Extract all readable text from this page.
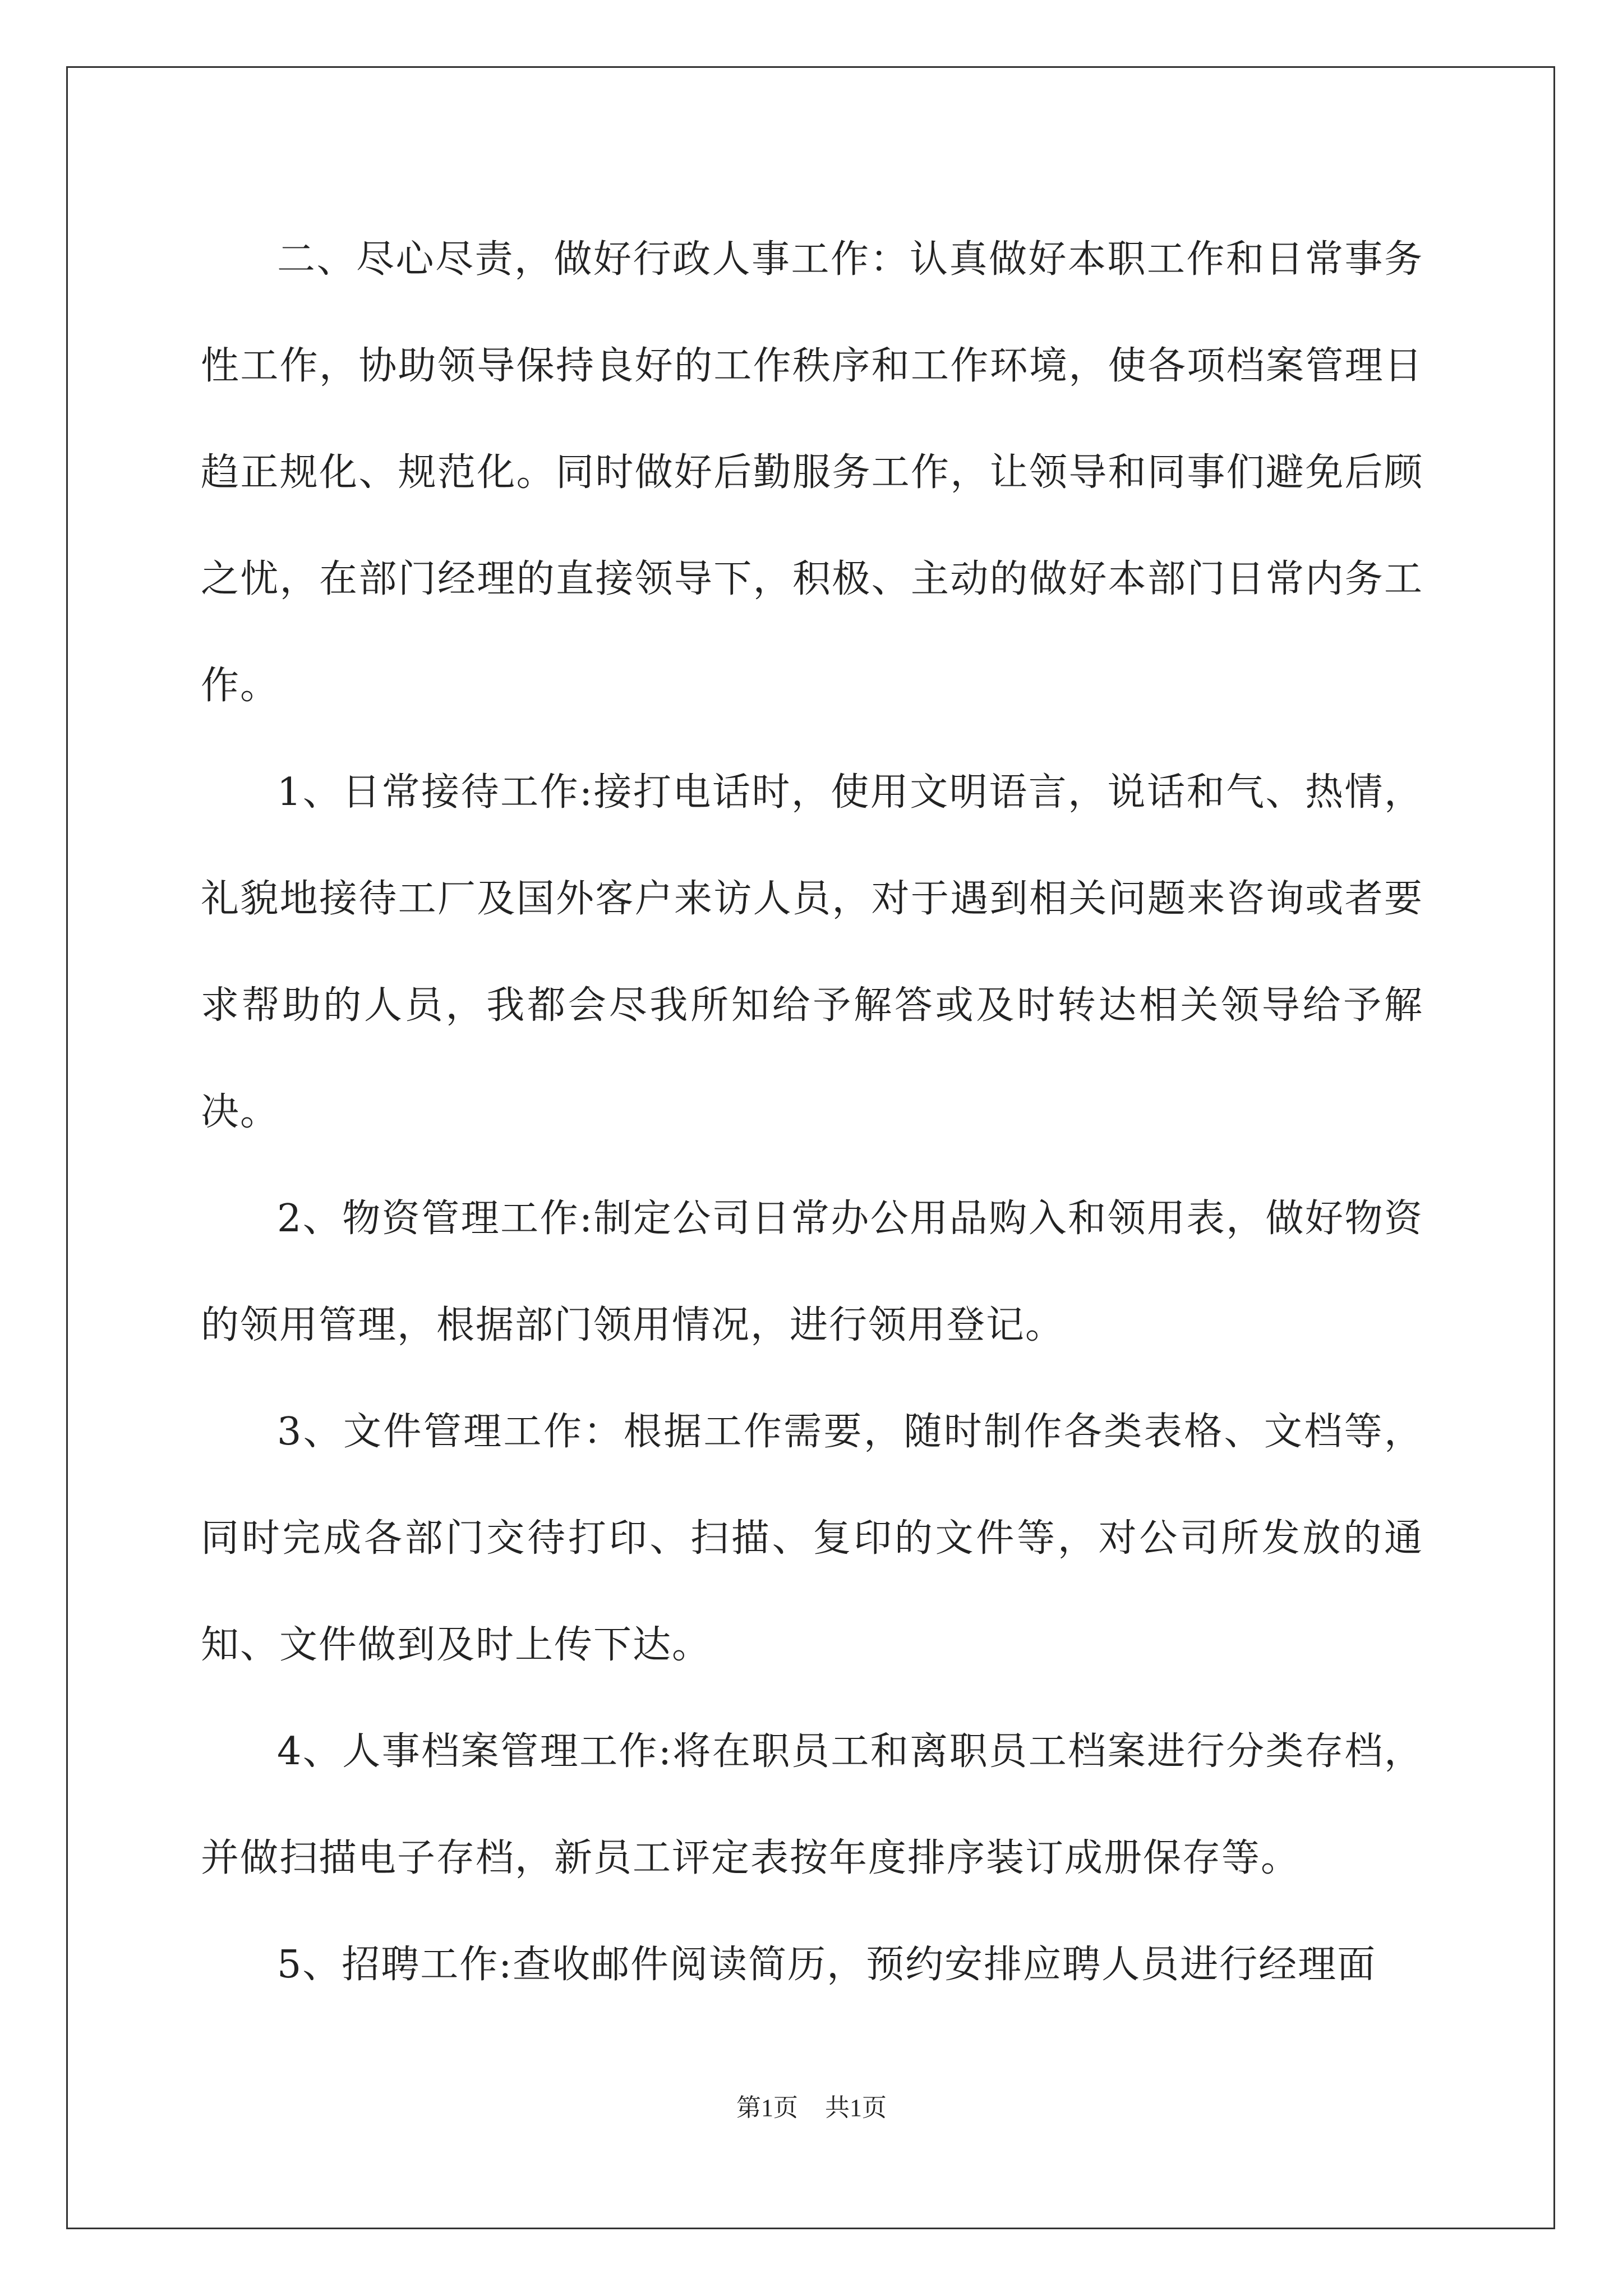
二、尽心尽责，做好行政人事工作：认真做好本职工作和日常事务性工作，协助领导保持良好的工作秩序和工作环境，使各项档案管理日趋正规化、规范化。同时做好后勤服务工作，让领导和同事们避免后顾之忧，在部门经理的直接领导下，积极、主动的做好本部门日常内务工作。

1、日常接待工作:接打电话时，使用文明语言，说话和气、热情，礼貌地接待工厂及国外客户来访人员，对于遇到相关问题来咨询或者要求帮助的人员，我都会尽我所知给予解答或及时转达相关领导给予解决。

2、物资管理工作:制定公司日常办公用品购入和领用表，做好物资的领用管理，根据部门领用情况，进行领用登记。

3、文件管理工作：根据工作需要，随时制作各类表格、文档等，同时完成各部门交待打印、扫描、复印的文件等，对公司所发放的通知、文件做到及时上传下达。

4、人事档案管理工作:将在职员工和离职员工档案进行分类存档，并做扫描电子存档，新员工评定表按年度排序装订成册保存等。

5、招聘工作:查收邮件阅读简历，预约安排应聘人员进行经理面

第1页 共1页
